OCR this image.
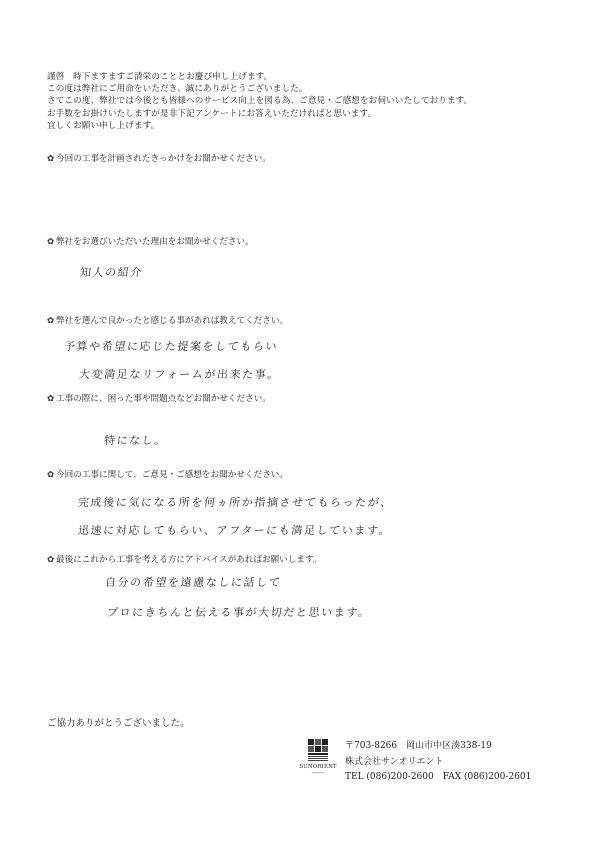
謹啓　時下ますますご清栄のこととお慶び申し上げます。
この度は弊社にご用命をいただき、誠にありがとうございました。
さてこの度、弊社では今後とも皆様へのサービス向上を図る為、ご意見・ご感想をお伺いいたしております。
お手数をお掛けいたしますが是非下記アンケートにお答えいただければと思います。
宜しくお願い申し上げます。
✿ 今回の工事を計画されたきっかけをお聞かせください。
✿ 弊社をお選びいただいた理由をお聞かせください。
知人の紹介
✿ 弊社を選んで良かったと感じる事があれば教えてください。
予算や希望に応じた提案をしてもらい
大変満足なリフォームが出来た事。
✿ 工事の際に、困った事や問題点などお聞かせください。
特になし。
✿ 今回の工事に関して、ご意見・ご感想をお聞かせください。
完成後に気になる所を何ヵ所か指摘させてもらったが、
迅速に対応してもらい、アフターにも満足しています。
✿ 最後にこれから工事を考える方にアドバイスがあればお願いします。
自分の希望を遠慮なしに話して
プロにきちんと伝える事が大切だと思います。
ご協力ありがとうございました。
SUNORIENT
━━━━━━━
〒703-8266　岡山市中区湊338-19
株式会社サンオリエント
TEL (086)200-2600　FAX (086)200-2601
